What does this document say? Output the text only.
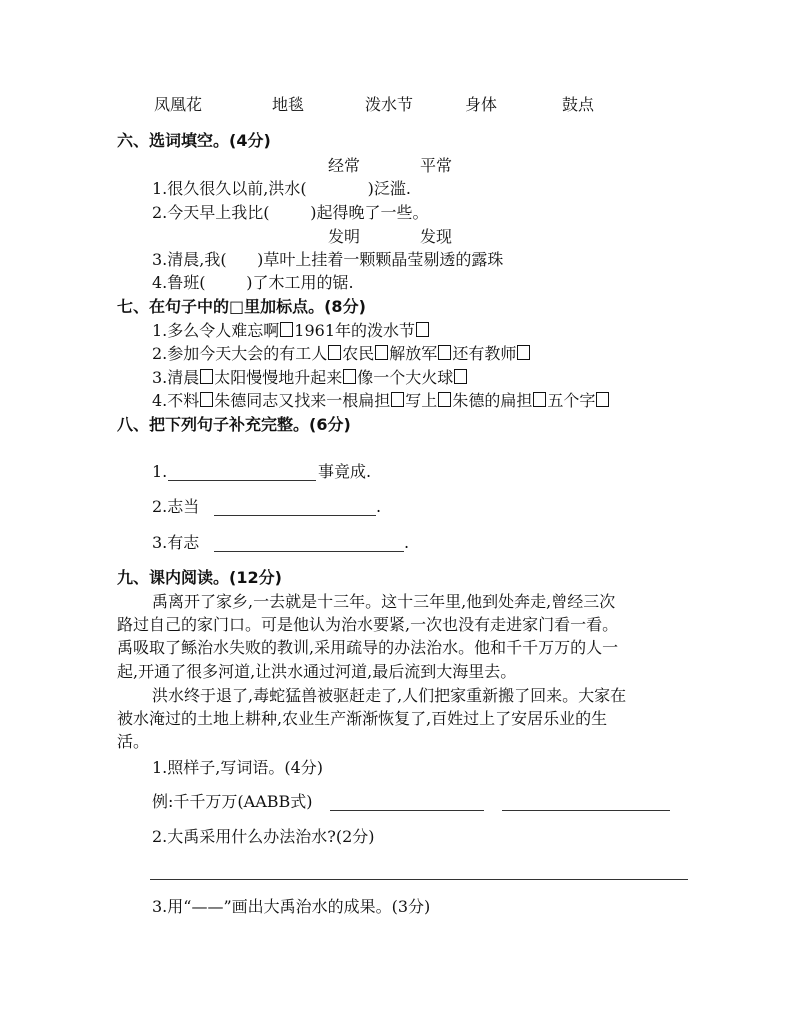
凤凰花	地毯	泼水节	身体	鼓点
六、选词填空。(4分)
经常	平常
1.很久很久以前,洪水(            )泛滥.
2.今天早上我比(        )起得晚了一些。
发明	发现
3.清晨,我(      )草叶上挂着一颗颗晶莹剔透的露珠
4.鲁班(        )了木工用的锯.
七、在句子中的□里加标点。(8分)
1.多么令人难忘啊 1961年的泼水节
2.参加今天大会的有工人 农民 解放军 还有教师
3.清晨 太阳慢慢地升起来 像一个大火球
4.不料 朱德同志又找来一根扁担 写上 朱德的扁担 五个字
八、把下列句子补充完整。(6分)
1.	事竟成.
2.志当	.
3.有志	.
九、课内阅读。(12分)
禹离开了家乡,一去就是十三年。这十三年里,他到处奔走,曾经三次
路过自己的家门口。可是他认为治水要紧,一次也没有走进家门看一看。
禹吸取了鲧治水失败的教训,采用疏导的办法治水。他和千千万万的人一
起,开通了很多河道,让洪水通过河道,最后流到大海里去。
洪水终于退了,毒蛇猛兽被驱赶走了,人们把家重新搬了回来。大家在
被水淹过的土地上耕种,农业生产渐渐恢复了,百姓过上了安居乐业的生
活。
1.照样子,写词语。(4分)
例:千千万万(AABB式)
2.大禹采用什么办法治水?(2分)
3.用“——”画出大禹治水的成果。(3分)
